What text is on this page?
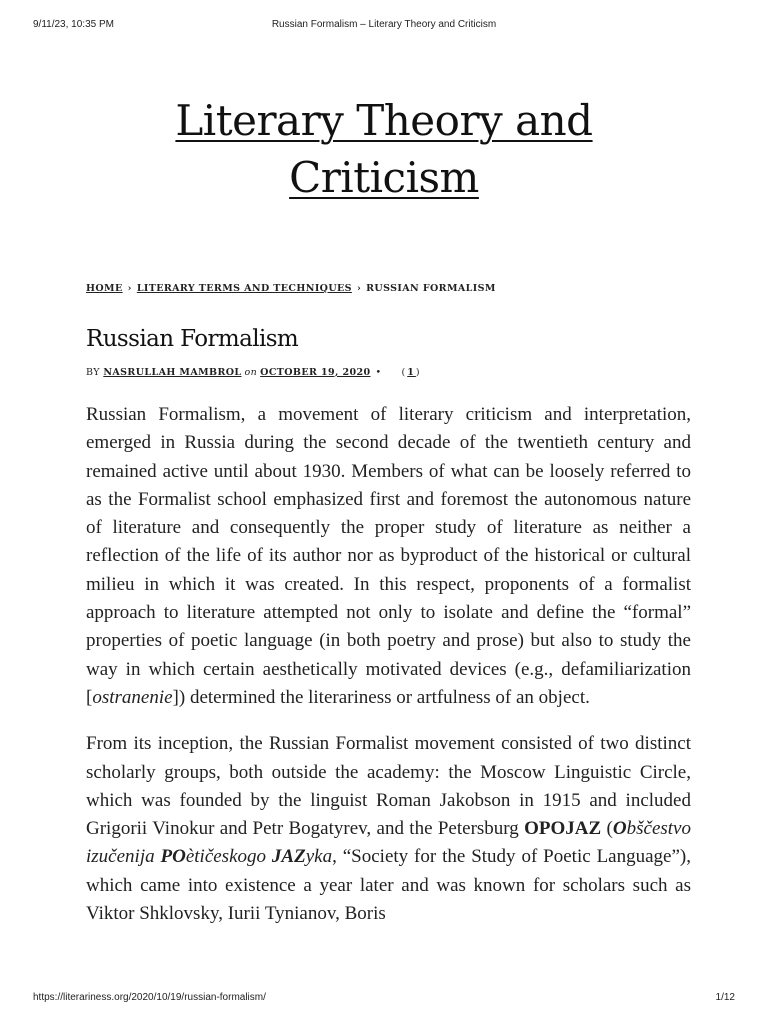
9/11/23, 10:35 PM	Russian Formalism – Literary Theory and Criticism
Literary Theory and
Criticism
HOME › LITERARY TERMS AND TECHNIQUES › RUSSIAN FORMALISM
Russian Formalism
BY NASRULLAH MAMBROL on OCTOBER 19, 2020 • (1)

Russian Formalism, a movement of literary criticism and interpretation, emerged in Russia during the second decade of the twentieth century and remained active until about 1930. Members of what can be loosely referred to as the Formalist school emphasized first and foremost the autonomous nature of literature and consequently the proper study of literature as neither a reflection of the life of its author nor as byproduct of the historical or cultural milieu in which it was created. In this respect, proponents of a formalist approach to literature attempted not only to isolate and define the “formal” properties of poetic language (in both poetry and prose) but also to study the way in which certain aesthetically motivated devices (e.g., defamiliarization [ostranenie]) determined the literariness or artfulness of an object.

From its inception, the Russian Formalist movement consisted of two distinct scholarly groups, both outside the academy: the Moscow Linguistic Circle, which was founded by the linguist Roman Jakobson in 1915 and included Grigorii Vinokur and Petr Bogatyrev, and the Petersburg OPOJAZ (Obščestvo izučenija POètičeskogo JAZyka, “Society for the Study of Poetic Language”), which came into existence a year later and was known for scholars such as Viktor Shklovsky, Iurii Tynianov, Boris

https://literariness.org/2020/10/19/russian-formalism/	1/12
